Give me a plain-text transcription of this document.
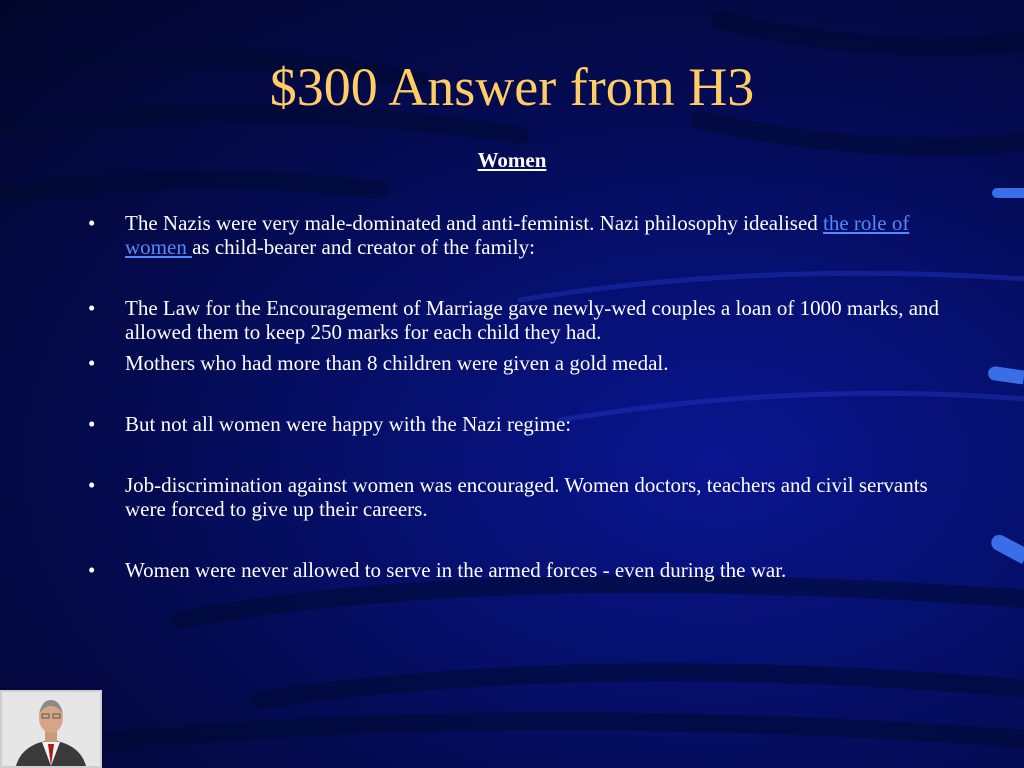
$300 Answer from H3
Women
• The Nazis were very male-dominated and anti-feminist. Nazi philosophy idealised the role of women as child-bearer and creator of the family:
• The Law for the Encouragement of Marriage gave newly-wed couples a loan of 1000 marks, and allowed them to keep 250 marks for each child they had.
• Mothers who had more than 8 children were given a gold medal.
• But not all women were happy with the Nazi regime:
• Job-discrimination against women was encouraged. Women doctors, teachers and civil servants were forced to give up their careers.
• Women were never allowed to serve in the armed forces - even during the war.
